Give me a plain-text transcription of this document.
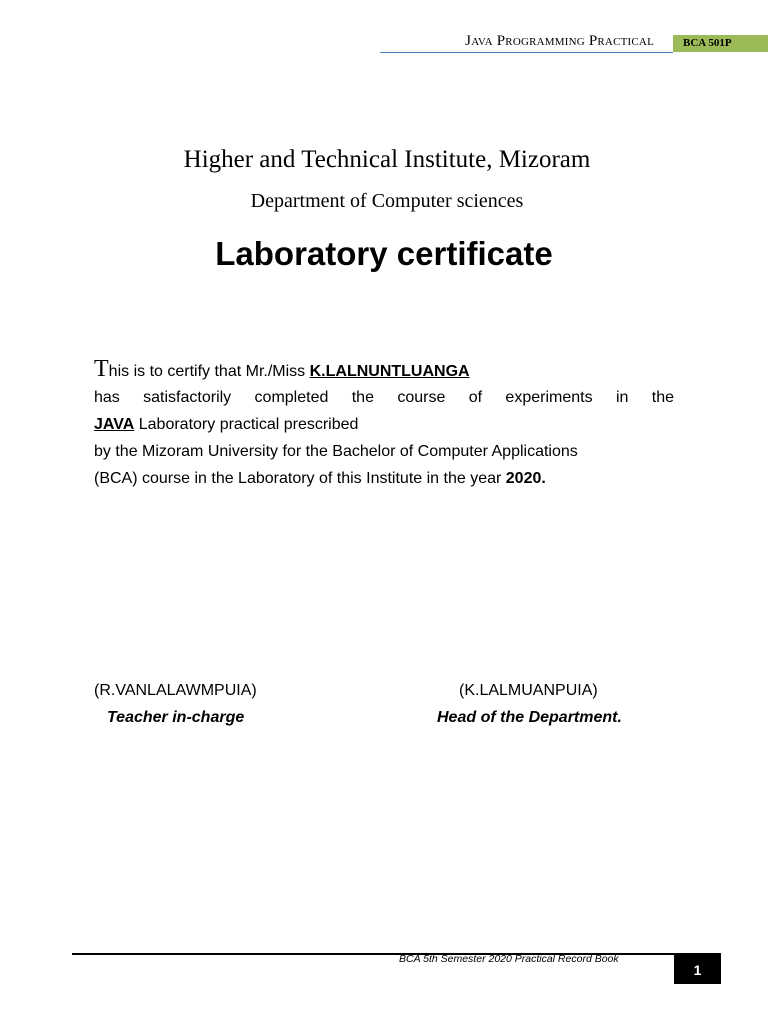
Java Programming Practical	BCA 501P
Higher and Technical Institute, Mizoram
Department of Computer sciences
Laboratory certificate
This is to certify that Mr./Miss K.LALNUNTLUANGA
has satisfactorily completed the course of experiments in the
JAVA Laboratory practical prescribed
by the Mizoram University for the Bachelor of Computer Applications
(BCA) course in the Laboratory of this Institute in the year 2020.
(R.VANLALAWMPUIA)
Teacher in-charge
(K.LALMUANPUIA)
Head of the Department.
BCA 5th Semester 2020 Practical Record Book
1
